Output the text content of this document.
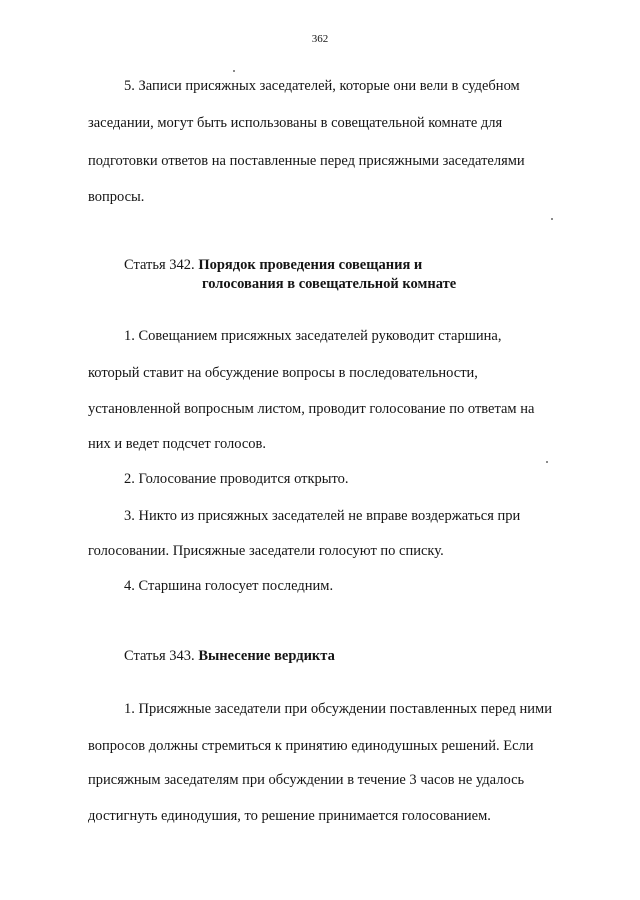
362
5. Записи присяжных заседателей, которые они вели в судебном
заседании, могут быть использованы в совещательной комнате для
подготовки ответов на поставленные перед присяжными заседателями
вопросы.
Статья 342. Порядок проведения совещания и
голосования в совещательной комнате
1. Совещанием присяжных заседателей руководит старшина,
который ставит на обсуждение вопросы в последовательности,
установленной вопросным листом, проводит голосование по ответам на
них и ведет подсчет голосов.
2. Голосование проводится открыто.
3. Никто из присяжных заседателей не вправе воздержаться при
голосовании. Присяжные заседатели голосуют по списку.
4. Старшина голосует последним.
Статья 343. Вынесение вердикта
1. Присяжные заседатели при обсуждении поставленных перед ними
вопросов должны стремиться к принятию единодушных решений. Если
присяжным заседателям при обсуждении в течение 3 часов не удалось
достигнуть единодушия, то решение принимается голосованием.
